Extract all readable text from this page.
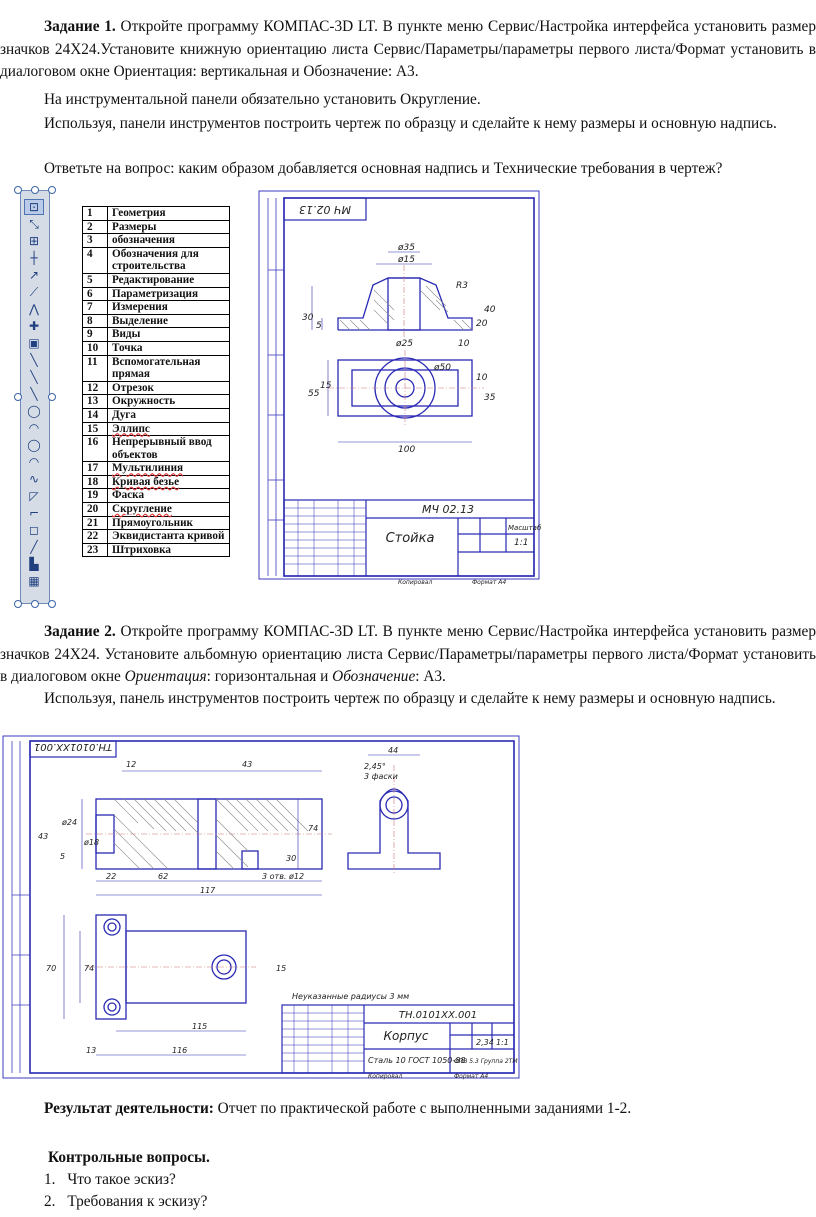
Задание 1. Откройте программу КОМПАС-3D LT. В пункте меню Сервис/Настройка интерфейса установить размер значков 24Х24.Установите книжную ориентацию листа Сервис/Параметры/параметры первого листа/Формат установить в диалоговом окне Ориентация: вертикальная и Обозначение: А3.
На инструментальной панели обязательно установить Округление.
Используя, панели инструментов построить чертеж по образцу и сделайте к нему размеры и основную надпись.
Ответьте на вопрос: каким образом добавляется основная надпись и Технические требования в чертеж?
⊡
⤡
⊞
┼
↗
⟋
⋀
✚
▣
╲
╲
╲
◯
◠
◯
◠
∿
◸
⌐
◻
╱
▙
▦
1	Геометрия
2	Размеры
3	обозначения
4	Обозначения для строительства
5	Редактирование
6	Параметризация
7	Измерения
8	Выделение
9	Виды
10	Точка
11	Вспомогательная прямая
12	Отрезок
13	Окружность
14	Дуга
15	Эллипс
16	Непрерывный ввод объектов
17	Мультилиния
18	Кривая безье
19	Фаска
20	Скругление
21	Прямоугольник
22	Эквидистанта кривой
23	Штриховка
МЧ 02.13
ø35
ø15
R3
30
5	20
ø25	10
15
10
ø50
55	35
100
40
МЧ 02.13
Стойка
Масштаб
1:1
Копировал	Формат А4
Задание 2. Откройте программу КОМПАС-3D LT. В пункте меню Сервис/Настройка интерфейса установить размер значков 24Х24. Установите альбомную ориентацию листа Сервис/Параметры/параметры первого листа/Формат установить в диалоговом окне Ориентация: горизонтальная и Обозначение: А3.
Используя, панель инструментов построить чертеж по образцу и сделайте к нему размеры и основную надпись.
ТН.0101ХХ.001
12	43
44
ø24
ø18
43
5
74
22	62
117
3 отв. ø12
2,45°
3 фаски
30
70	74	15
115
116
13
Неуказанные радиусы 3 мм
ТН.0101ХХ.001
Корпус
Сталь 10 ГОСТ 1050-88
2,34 1:1
ОПВ 5.3 Группа 2ТМ
Копировал	Формат А4
Результат деятельности: Отчет по практической работе с выполненными заданиями 1-2.
Контрольные вопросы.
1. Что такое эскиз?
2. Требования к эскизу?
